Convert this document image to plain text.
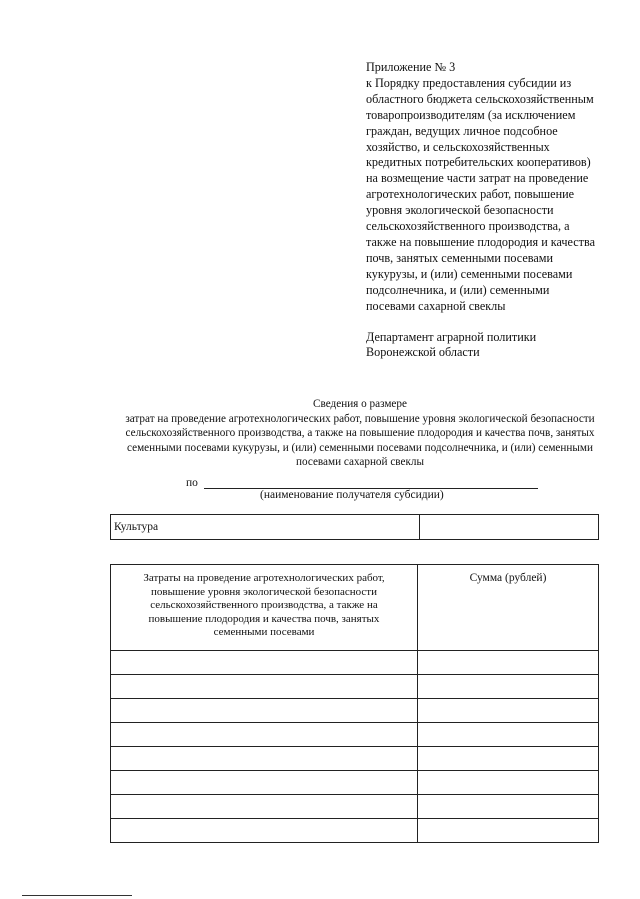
Приложение № 3
к Порядку предоставления субсидии из
областного бюджета сельскохозяйственным
товаропроизводителям (за исключением
граждан, ведущих личное подсобное
хозяйство, и сельскохозяйственных
кредитных потребительских кооперативов)
на возмещение части затрат на проведение
агротехнологических работ, повышение
уровня экологической безопасности
сельскохозяйственного производства, а
также на повышение плодородия и качества
почв, занятых семенными посевами
кукурузы, и (или) семенными посевами
подсолнечника, и (или) семенными
посевами сахарной свеклы
Департамент аграрной политики
Воронежской области
Сведения о размере
затрат на проведение агротехнологических работ, повышение уровня экологической безопасности
сельскохозяйственного производства, а также на повышение плодородия и качества почв, занятых
семенными посевами кукурузы, и (или) семенными посевами подсолнечника, и (или) семенными
посевами сахарной свеклы
по
(наименование получателя субсидии)
Культура	
Затраты на проведение агротехнологических работ,
повышение уровня экологической безопасности
сельскохозяйственного производства, а также на
повышение плодородия и качества почв, занятых
семенными посевами	Сумма (рублей)
